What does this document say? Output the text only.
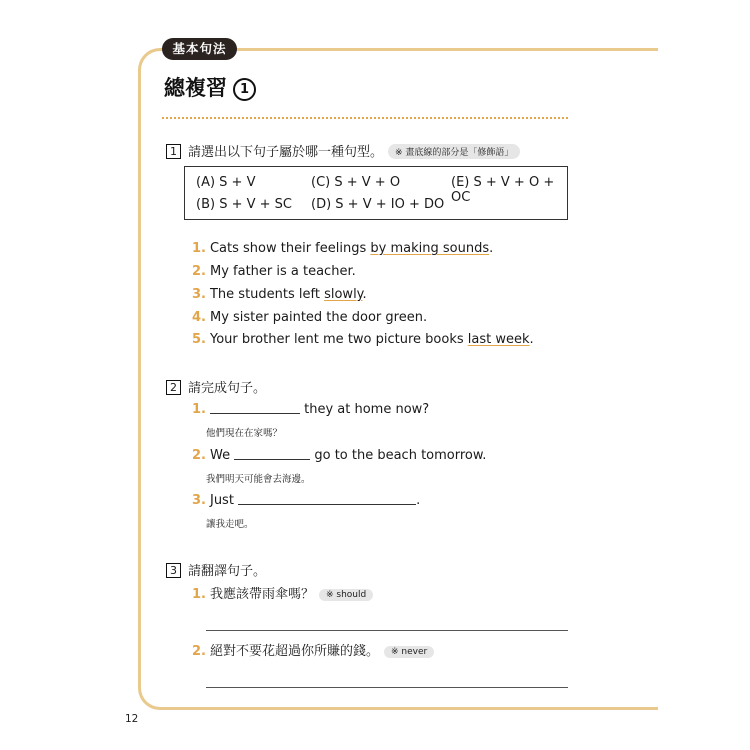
基本句法
總複習 1
1 請選出以下句子屬於哪一種句型。 ※ 畫底線的部分是「修飾語」
(A) S + V	(C) S + V + O	(E) S + V + O + OC
(B) S + V + SC (D) S + V + IO + DO
1. Cats show their feelings by making sounds.
2. My father is a teacher.
3. The students left slowly.
4. My sister painted the door green.
5. Your brother lent me two picture books last week.
2 請完成句子。
1.	they at home now?
他們現在在家嗎？
2. We	go to the beach tomorrow.
我們明天可能會去海邊。
3. Just	.
讓我走吧。
3 請翻譯句子。
1. 我應該帶雨傘嗎？ ※ should
2. 絕對不要花超過你所賺的錢。 ※ never
12
